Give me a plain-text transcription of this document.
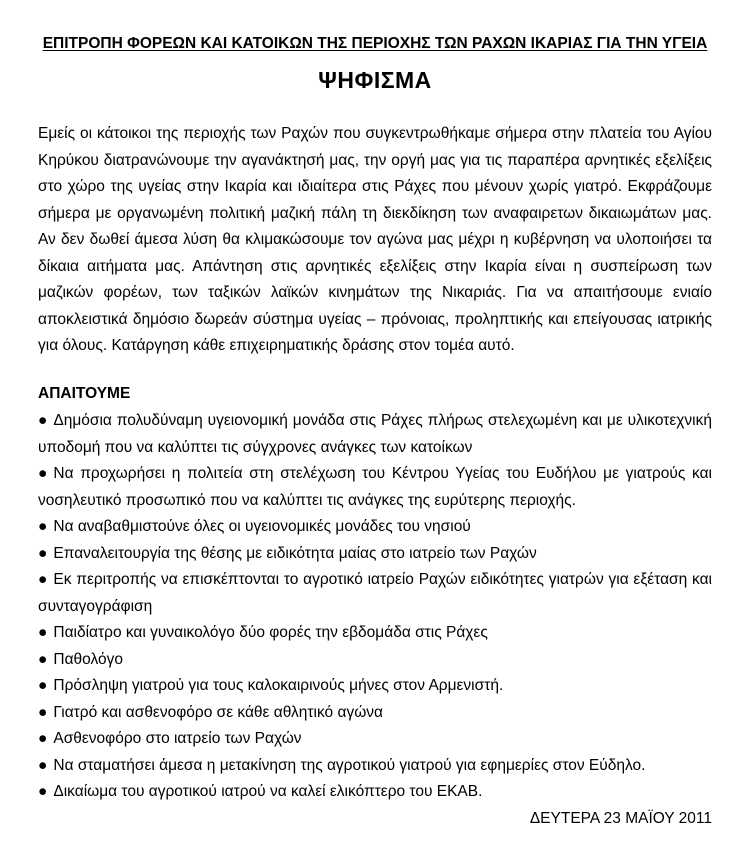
ΕΠΙΤΡΟΠΗ ΦΟΡΕΩΝ ΚΑΙ ΚΑΤΟΙΚΩΝ ΤΗΣ ΠΕΡΙΟΧΗΣ ΤΩΝ ΡΑΧΩΝ ΙΚΑΡΙΑΣ ΓΙΑ ΤΗΝ ΥΓΕΙΑ
ΨΗΦΙΣΜΑ

Εμείς οι κάτοικοι της περιοχής των Ραχών που συγκεντρωθήκαμε σήμερα στην πλατεία του Αγίου Κηρύκου διατρανώνουμε την αγανάκτησή μας, την οργή μας για τις παραπέρα αρνητικές εξελίξεις στο χώρο της υγείας στην Ικαρία και ιδιαίτερα στις Ράχες που μένουν χωρίς γιατρό. Εκφράζουμε σήμερα με οργανωμένη πολιτική μαζική πάλη τη διεκδίκηση των αναφαιρετων δικαιωμάτων μας. Αν δεν δωθεί άμεσα λύση θα κλιμακώσουμε τον αγώνα μας μέχρι η κυβέρνηση να υλοποιήσει τα δίκαια αιτήματα μας. Απάντηση στις αρνητικές εξελίξεις στην Ικαρία είναι η συσπείρωση των μαζικών φορέων, των ταξικών λαϊκών κινημάτων της Νικαριάς. Για να απαιτήσουμε ενιαίο αποκλειστικά δημόσιο δωρεάν σύστημα υγείας – πρόνοιας, προληπτικής και επείγουσας ιατρικής για όλους. Κατάργηση κάθε επιχειρηματικής δράσης στον τομέα αυτό.

ΑΠΑΙΤΟΥΜΕ
● Δημόσια πολυδύναμη υγειονομική μονάδα στις Ράχες πλήρως στελεχωμένη και με υλικοτεχνική υποδομή που να καλύπτει τις σύγχρονες ανάγκες των κατοίκων
● Να προχωρήσει η πολιτεία στη στελέχωση του Κέντρου Υγείας του Ευδήλου με γιατρούς και νοσηλευτικό προσωπικό που να καλύπτει τις ανάγκες της ευρύτερης περιοχής.
● Να αναβαθμιστούνε όλες οι υγειονομικές μονάδες του νησιού
● Επαναλειτουργία της θέσης με ειδικότητα μαίας στο ιατρείο των Ραχών
● Εκ περιτροπής να επισκέπτονται το αγροτικό ιατρείο Ραχών ειδικότητες γιατρών για εξέταση και συνταγογράφιση
● Παιδίατρο και γυναικολόγο δύο φορές την εβδομάδα στις Ράχες
● Παθολόγο
● Πρόσληψη γιατρού για τους καλοκαιρινούς μήνες στον Αρμενιστή.
● Γιατρό και ασθενοφόρο σε κάθε αθλητικό αγώνα
● Ασθενοφόρο στο ιατρείο των Ραχών
● Να σταματήσει άμεσα η μετακίνηση της αγροτικού γιατρού για εφημερίες στον Εύδηλο.
● Δικαίωμα του αγροτικού ιατρού να καλεί ελικόπτερο του ΕΚΑΒ.
ΔΕΥΤΕΡΑ 23 ΜΑΪΟΥ 2011
